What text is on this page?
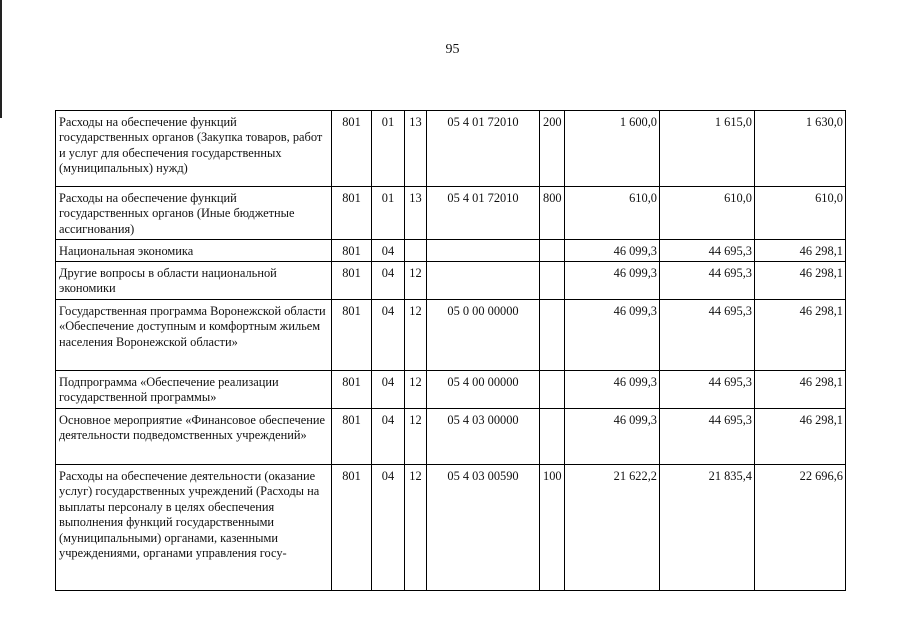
95
Расходы на обеспечение функций государственных органов (Закупка товаров, работ и услуг для обеспечения государственных (муниципальных) нужд)	801	01	13	05 4 01 72010	200	1 600,0	1 615,0	1 630,0
Расходы на обеспечение функций государственных органов (Иные бюджетные ассигнования)	801	01	13	05 4 01 72010	800	610,0	610,0	610,0
Национальная экономика	801	04				46 099,3	44 695,3	46 298,1
Другие вопросы в области национальной экономики	801	04	12			46 099,3	44 695,3	46 298,1
Государственная программа Воронежской области «Обеспечение доступным и комфортным жильем населения Воронежской области»	801	04	12	05 0 00 00000		46 099,3	44 695,3	46 298,1
Подпрограмма «Обеспечение реализации государственной программы»	801	04	12	05 4 00 00000		46 099,3	44 695,3	46 298,1
Основное мероприятие «Финансовое обеспечение деятельности подведомственных учреждений»	801	04	12	05 4 03 00000		46 099,3	44 695,3	46 298,1
Расходы на обеспечение деятельности (оказание услуг) государственных учреждений (Расходы на выплаты персоналу в целях обеспечения выполнения функций государственными (муниципальными) органами, казенными учреждениями, органами управления госу-	801	04	12	05 4 03 00590	100	21 622,2	21 835,4	22 696,6
